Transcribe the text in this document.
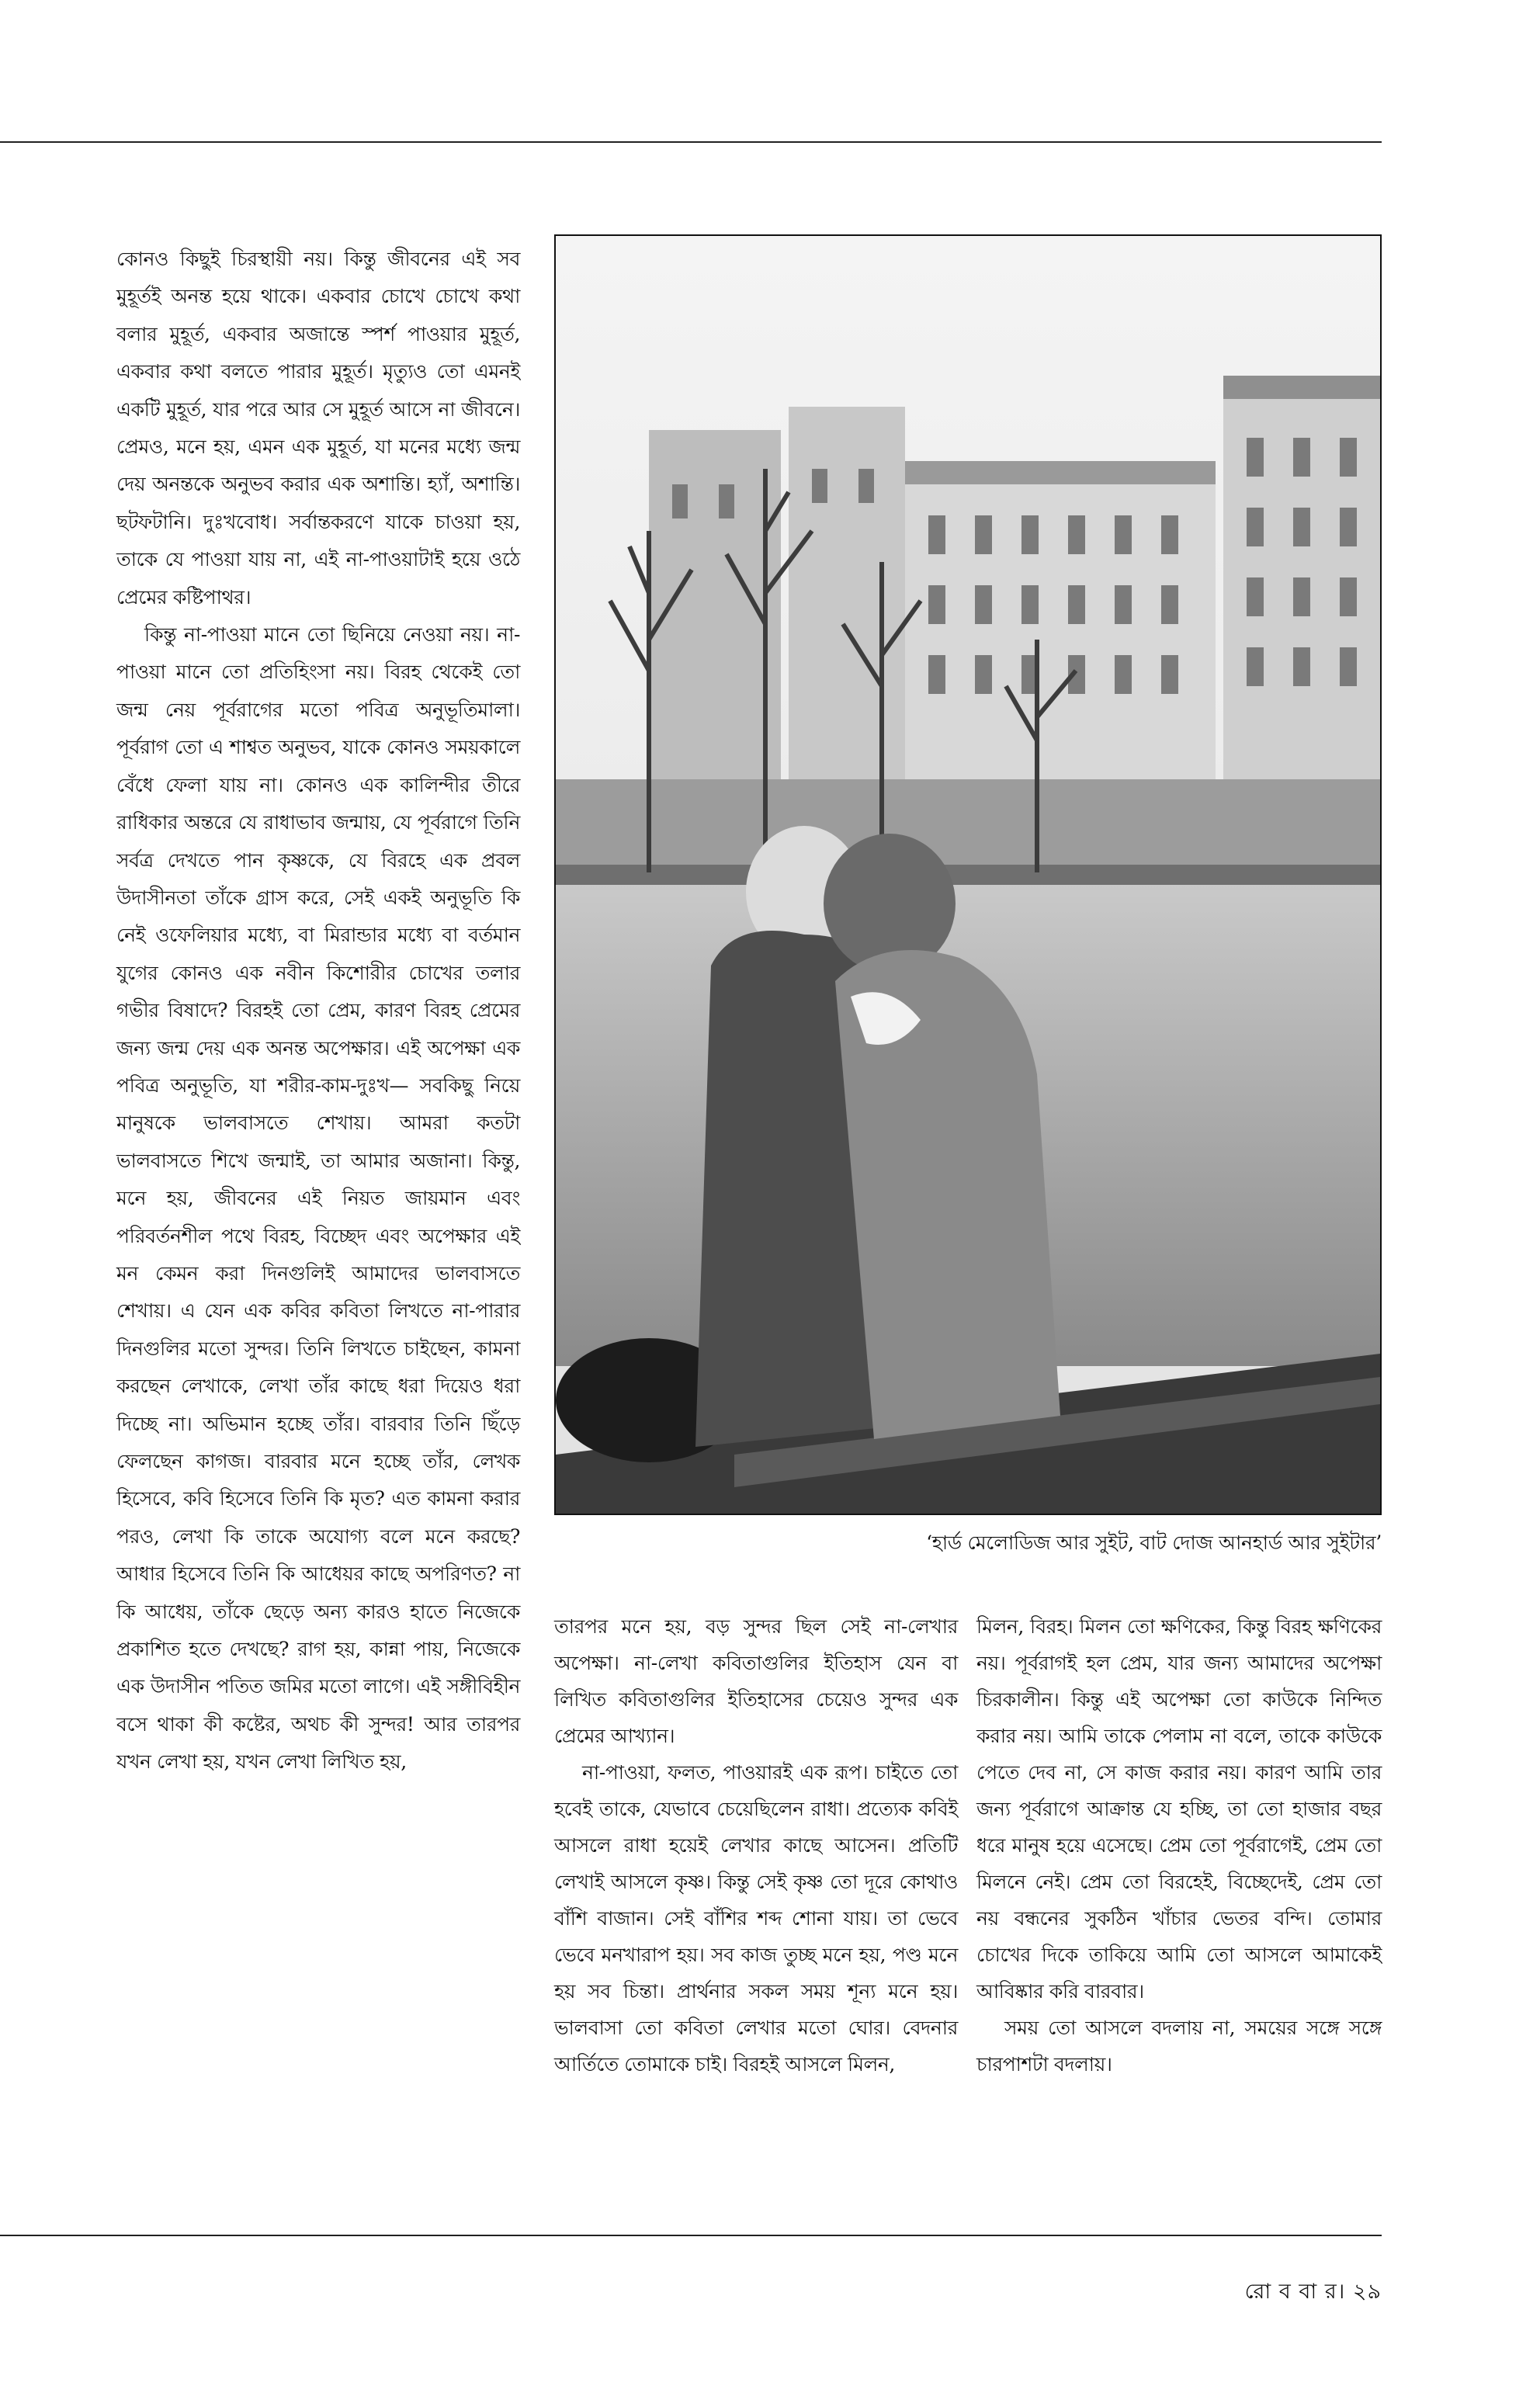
কোনও কিছুই চিরস্থায়ী নয়। কিন্তু জীবনের এই সব মুহূর্তই অনন্ত হয়ে থাকে। একবার চোখে চোখে কথা বলার মুহূর্ত, একবার অজান্তে স্পর্শ পাওয়ার মুহূর্ত, একবার কথা বলতে পারার মুহূর্ত। মৃত্যুও তো এমনই একটি মুহূর্ত, যার পরে আর সে মুহূর্ত আসে না জীবনে। প্রেমও, মনে হয়, এমন এক মুহূর্ত, যা মনের মধ্যে জন্ম দেয় অনন্তকে অনুভব করার এক অশান্তি। হ্যাঁ, অশান্তি। ছটফটানি। দুঃখবোধ। সর্বান্তকরণে যাকে চাওয়া হয়, তাকে যে পাওয়া যায় না, এই না-পাওয়াটাই হয়ে ওঠে প্রেমের কষ্টিপাথর।

কিন্তু না-পাওয়া মানে তো ছিনিয়ে নেওয়া নয়। না-পাওয়া মানে তো প্রতিহিংসা নয়। বিরহ থেকেই তো জন্ম নেয় পূর্বরাগের মতো পবিত্র অনুভূতিমালা। পূর্বরাগ তো এ শাশ্বত অনুভব, যাকে কোনও সময়কালে বেঁধে ফেলা যায় না। কোনও এক কালিন্দীর তীরে রাধিকার অন্তরে যে রাধাভাব জন্মায়, যে পূর্বরাগে তিনি সর্বত্র দেখতে পান কৃষ্ণকে, যে বিরহে এক প্রবল উদাসীনতা তাঁকে গ্রাস করে, সেই একই অনুভূতি কি নেই ওফেলিয়ার মধ্যে, বা মিরান্ডার মধ্যে বা বর্তমান যুগের কোনও এক নবীন কিশোরীর চোখের তলার গভীর বিষাদে? বিরহই তো প্রেম, কারণ বিরহ প্রেমের জন্য জন্ম দেয় এক অনন্ত অপেক্ষার। এই অপেক্ষা এক পবিত্র অনুভূতি, যা শরীর-কাম-দুঃখ— সবকিছু নিয়ে মানুষকে ভালবাসতে শেখায়। আমরা কতটা ভালবাসতে শিখে জন্মাই, তা আমার অজানা। কিন্তু, মনে হয়, জীবনের এই নিয়ত জায়মান এবং পরিবর্তনশীল পথে বিরহ, বিচ্ছেদ এবং অপেক্ষার এই মন কেমন করা দিনগুলিই আমাদের ভালবাসতে শেখায়। এ যেন এক কবির কবিতা লিখতে না-পারার দিনগুলির মতো সুন্দর। তিনি লিখতে চাইছেন, কামনা করছেন লেখাকে, লেখা তাঁর কাছে ধরা দিয়েও ধরা দিচ্ছে না। অভিমান হচ্ছে তাঁর। বারবার তিনি ছিঁড়ে ফেলছেন কাগজ। বারবার মনে হচ্ছে তাঁর, লেখক হিসেবে, কবি হিসেবে তিনি কি মৃত? এত কামনা করার পরও, লেখা কি তাকে অযোগ্য বলে মনে করছে? আধার হিসেবে তিনি কি আধেয়র কাছে অপরিণত? না কি আধেয়, তাঁকে ছেড়ে অন্য কারও হাতে নিজেকে প্রকাশিত হতে দেখছে? রাগ হয়, কান্না পায়, নিজেকে এক উদাসীন পতিত জমির মতো লাগে। এই সঙ্গীবিহীন বসে থাকা কী কষ্টের, অথচ কী সুন্দর! আর তারপর যখন লেখা হয়, যখন লেখা লিখিত হয়,

‘হার্ড মেলোডিজ আর সুইট, বাট দোজ আনহার্ড আর সুইটার’

তারপর মনে হয়, বড় সুন্দর ছিল সেই না-লেখার অপেক্ষা। না-লেখা কবিতাগুলির ইতিহাস যেন বা লিখিত কবিতাগুলির ইতিহাসের চেয়েও সুন্দর এক প্রেমের আখ্যান।

না-পাওয়া, ফলত, পাওয়ারই এক রূপ। চাইতে তো হবেই তাকে, যেভাবে চেয়েছিলেন রাধা। প্রত্যেক কবিই আসলে রাধা হয়েই লেখার কাছে আসেন। প্রতিটি লেখাই আসলে কৃষ্ণ। কিন্তু সেই কৃষ্ণ তো দূরে কোথাও বাঁশি বাজান। সেই বাঁশির শব্দ শোনা যায়। তা ভেবে ভেবে মনখারাপ হয়। সব কাজ তুচ্ছ মনে হয়, পণ্ড মনে হয় সব চিন্তা। প্রার্থনার সকল সময় শূন্য মনে হয়। ভালবাসা তো কবিতা লেখার মতো ঘোর। বেদনার আর্তিতে তোমাকে চাই। বিরহই আসলে মিলন,

মিলন, বিরহ। মিলন তো ক্ষণিকের, কিন্তু বিরহ ক্ষণিকের নয়। পূর্বরাগই হল প্রেম, যার জন্য আমাদের অপেক্ষা চিরকালীন। কিন্তু এই অপেক্ষা তো কাউকে নিন্দিত করার নয়। আমি তাকে পেলাম না বলে, তাকে কাউকে পেতে দেব না, সে কাজ করার নয়। কারণ আমি তার জন্য পূর্বরাগে আক্রান্ত যে হচ্ছি, তা তো হাজার বছর ধরে মানুষ হয়ে এসেছে। প্রেম তো পূর্বরাগেই, প্রেম তো মিলনে নেই। প্রেম তো বিরহেই, বিচ্ছেদেই, প্রেম তো নয় বন্ধনের সুকঠিন খাঁচার ভেতর বন্দি। তোমার চোখের দিকে তাকিয়ে আমি তো আসলে আমাকেই আবিষ্কার করি বারবার।

সময় তো আসলে বদলায় না, সময়ের সঙ্গে সঙ্গে চারপাশটা বদলায়।

রো ব বা র। ২৯
